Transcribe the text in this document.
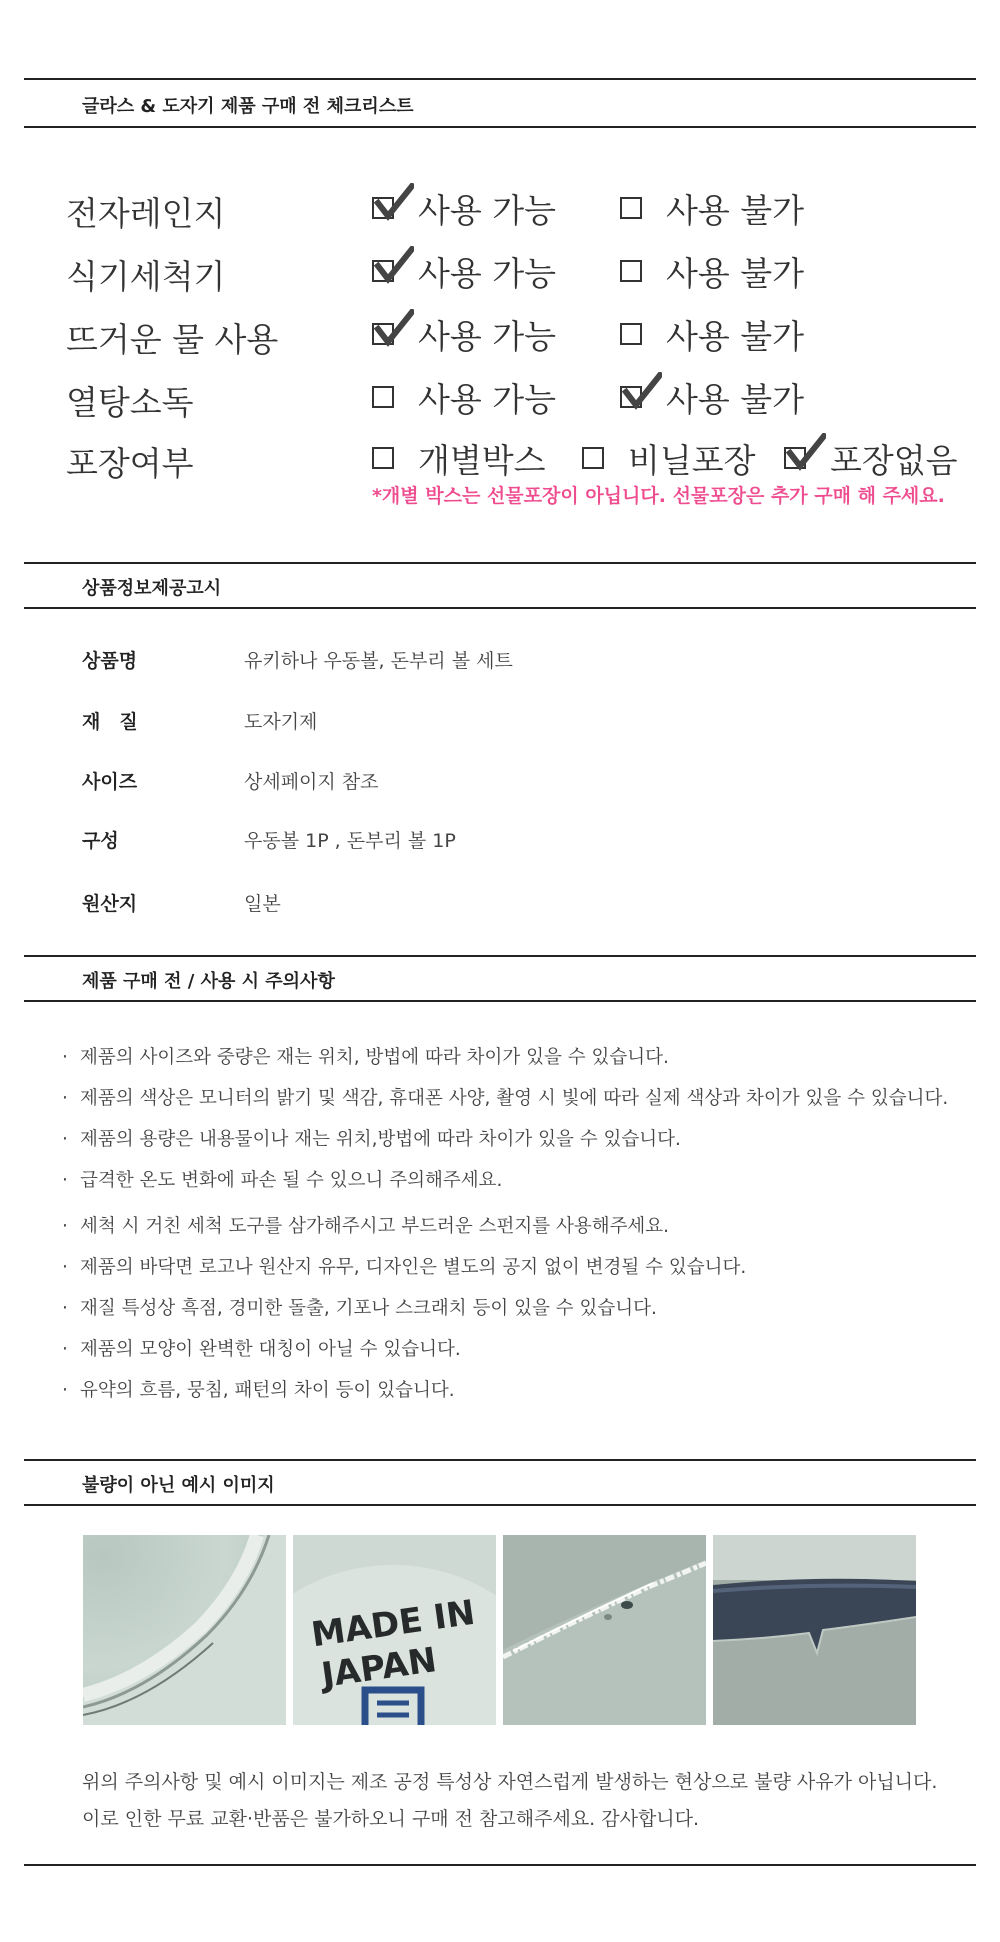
글라스 & 도자기 제품 구매 전 체크리스트
전자레인지	사용 가능	사용 불가
식기세척기	사용 가능	사용 불가
뜨거운 물 사용	사용 가능	사용 불가
열탕소독	사용 가능	사용 불가
포장여부	개별박스 비닐포장 포장없음
*개별 박스는 선물포장이 아닙니다. 선물포장은 추가 구매 해 주세요.
상품정보제공고시
상품명	유키하나 우동볼, 돈부리 볼 세트
재　질	도자기제
사이즈	상세페이지 참조
구성	우동볼 1P , 돈부리 볼 1P
원산지	일본
제품 구매 전 / 사용 시 주의사항
· 제품의 사이즈와 중량은 재는 위치, 방법에 따라 차이가 있을 수 있습니다.
· 제품의 색상은 모니터의 밝기 및 색감, 휴대폰 사양, 촬영 시 빛에 따라 실제 색상과 차이가 있을 수 있습니다.
· 제품의 용량은 내용물이나 재는 위치,방법에 따라 차이가 있을 수 있습니다.
· 급격한 온도 변화에 파손 될 수 있으니 주의해주세요.
· 세척 시 거친 세척 도구를 삼가해주시고 부드러운 스펀지를 사용해주세요.
· 제품의 바닥면 로고나 원산지 유무, 디자인은 별도의 공지 없이 변경될 수 있습니다.
· 재질 특성상 흑점, 경미한 돌출, 기포나 스크래치 등이 있을 수 있습니다.
· 제품의 모양이 완벽한 대칭이 아닐 수 있습니다.
· 유약의 흐름, 뭉침, 패턴의 차이 등이 있습니다.
불량이 아닌 예시 이미지
MADE IN
JAPAN
위의 주의사항 및 예시 이미지는 제조 공정 특성상 자연스럽게 발생하는 현상으로 불량 사유가 아닙니다.
이로 인한 무료 교환·반품은 불가하오니 구매 전 참고해주세요. 감사합니다.
